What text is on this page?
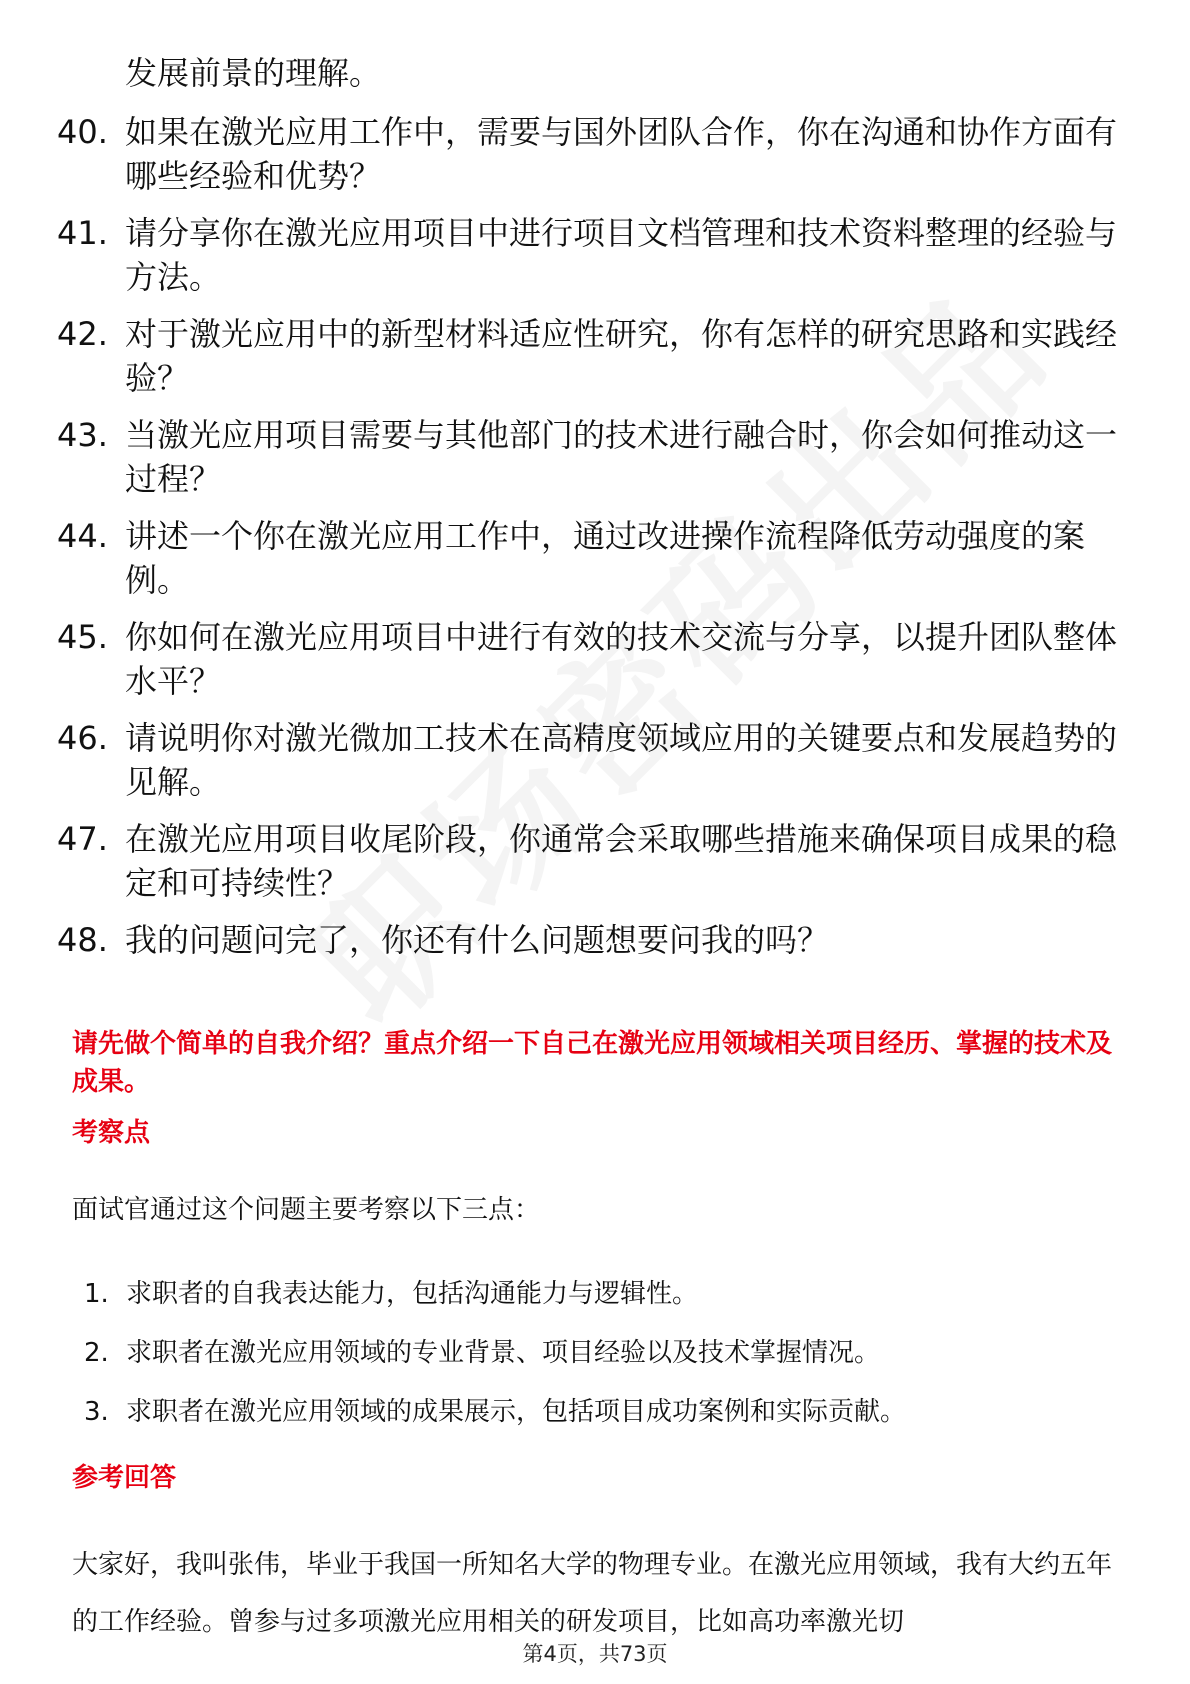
发展前景的理解。
40. 如果在激光应用工作中，需要与国外团队合作，你在沟通和协作方面有哪些经验和优势？
41. 请分享你在激光应用项目中进行项目文档管理和技术资料整理的经验与方法。
42. 对于激光应用中的新型材料适应性研究，你有怎样的研究思路和实践经验？
43. 当激光应用项目需要与其他部门的技术进行融合时，你会如何推动这一过程？
44. 讲述一个你在激光应用工作中，通过改进操作流程降低劳动强度的案例。
45. 你如何在激光应用项目中进行有效的技术交流与分享，以提升团队整体水平？
46. 请说明你对激光微加工技术在高精度领域应用的关键要点和发展趋势的见解。
47. 在激光应用项目收尾阶段，你通常会采取哪些措施来确保项目成果的稳定和可持续性？
48. 我的问题问完了，你还有什么问题想要问我的吗？
请先做个简单的自我介绍？重点介绍一下自己在激光应用领域相关项目经历、掌握的技术及成果。
考察点
面试官通过这个问题主要考察以下三点：
1. 求职者的自我表达能力，包括沟通能力与逻辑性。
2. 求职者在激光应用领域的专业背景、项目经验以及技术掌握情况。
3. 求职者在激光应用领域的成果展示，包括项目成功案例和实际贡献。
参考回答
大家好，我叫张伟，毕业于我国一所知名大学的物理专业。在激光应用领域，我有大约五年的工作经验。曾参与过多项激光应用相关的研发项目，比如高功率激光切
第4页，共73页
